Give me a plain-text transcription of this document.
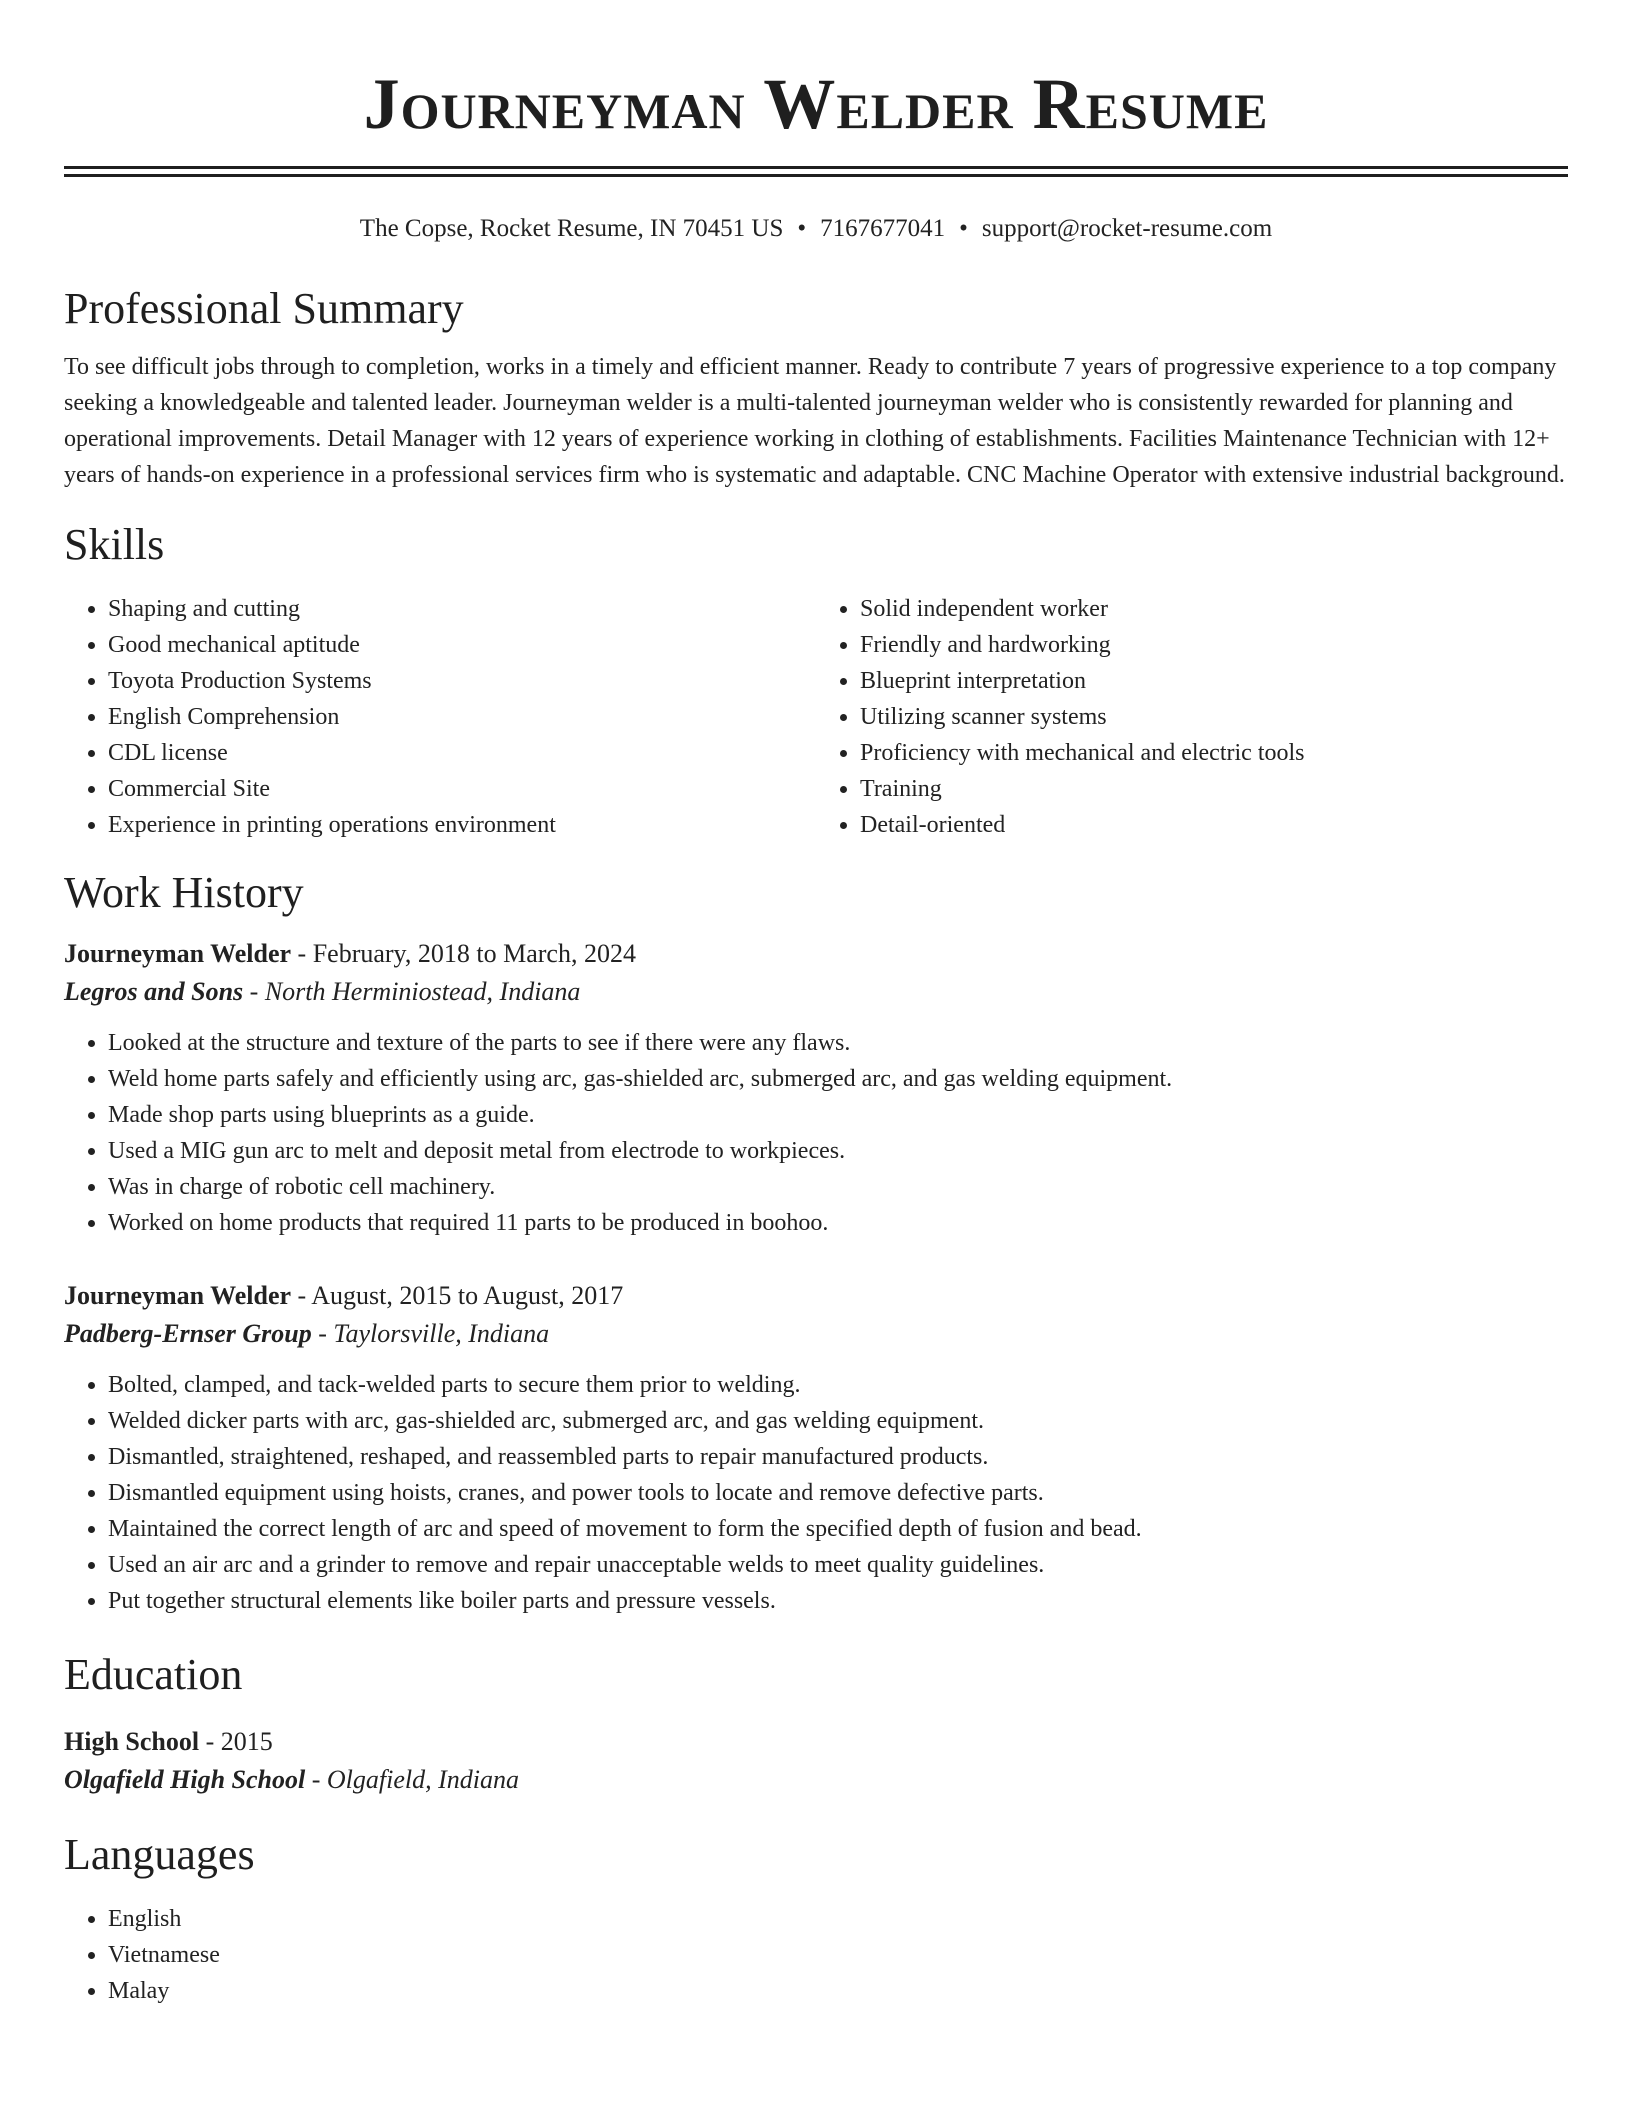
Journeyman Welder Resume
The Copse, Rocket Resume, IN 70451 US • 7167677041 • support@rocket-resume.com
Professional Summary

To see difficult jobs through to completion, works in a timely and efficient manner. Ready to contribute 7 years of progressive experience to a top company seeking a knowledgeable and talented leader. Journeyman welder is a multi-talented journeyman welder who is consistently rewarded for planning and operational improvements. Detail Manager with 12 years of experience working in clothing of establishments. Facilities Maintenance Technician with 12+ years of hands-on experience in a professional services firm who is systematic and adaptable. CNC Machine Operator with extensive industrial background.

Skills
• Shaping and cutting
• Good mechanical aptitude
• Toyota Production Systems
• English Comprehension
• CDL license
• Commercial Site
• Experience in printing operations environment
• Solid independent worker
• Friendly and hardworking
• Blueprint interpretation
• Utilizing scanner systems
• Proficiency with mechanical and electric tools
• Training
• Detail-oriented
Work History
Journeyman Welder - February, 2018 to March, 2024
Legros and Sons - North Herminiostead, Indiana
• Looked at the structure and texture of the parts to see if there were any flaws.
• Weld home parts safely and efficiently using arc, gas-shielded arc, submerged arc, and gas welding equipment.
• Made shop parts using blueprints as a guide.
• Used a MIG gun arc to melt and deposit metal from electrode to workpieces.
• Was in charge of robotic cell machinery.
• Worked on home products that required 11 parts to be produced in boohoo.
Journeyman Welder - August, 2015 to August, 2017
Padberg-Ernser Group - Taylorsville, Indiana
• Bolted, clamped, and tack-welded parts to secure them prior to welding.
• Welded dicker parts with arc, gas-shielded arc, submerged arc, and gas welding equipment.
• Dismantled, straightened, reshaped, and reassembled parts to repair manufactured products.
• Dismantled equipment using hoists, cranes, and power tools to locate and remove defective parts.
• Maintained the correct length of arc and speed of movement to form the specified depth of fusion and bead.
• Used an air arc and a grinder to remove and repair unacceptable welds to meet quality guidelines.
• Put together structural elements like boiler parts and pressure vessels.
Education
High School - 2015
Olgafield High School - Olgafield, Indiana
Languages
• English
• Vietnamese
• Malay
